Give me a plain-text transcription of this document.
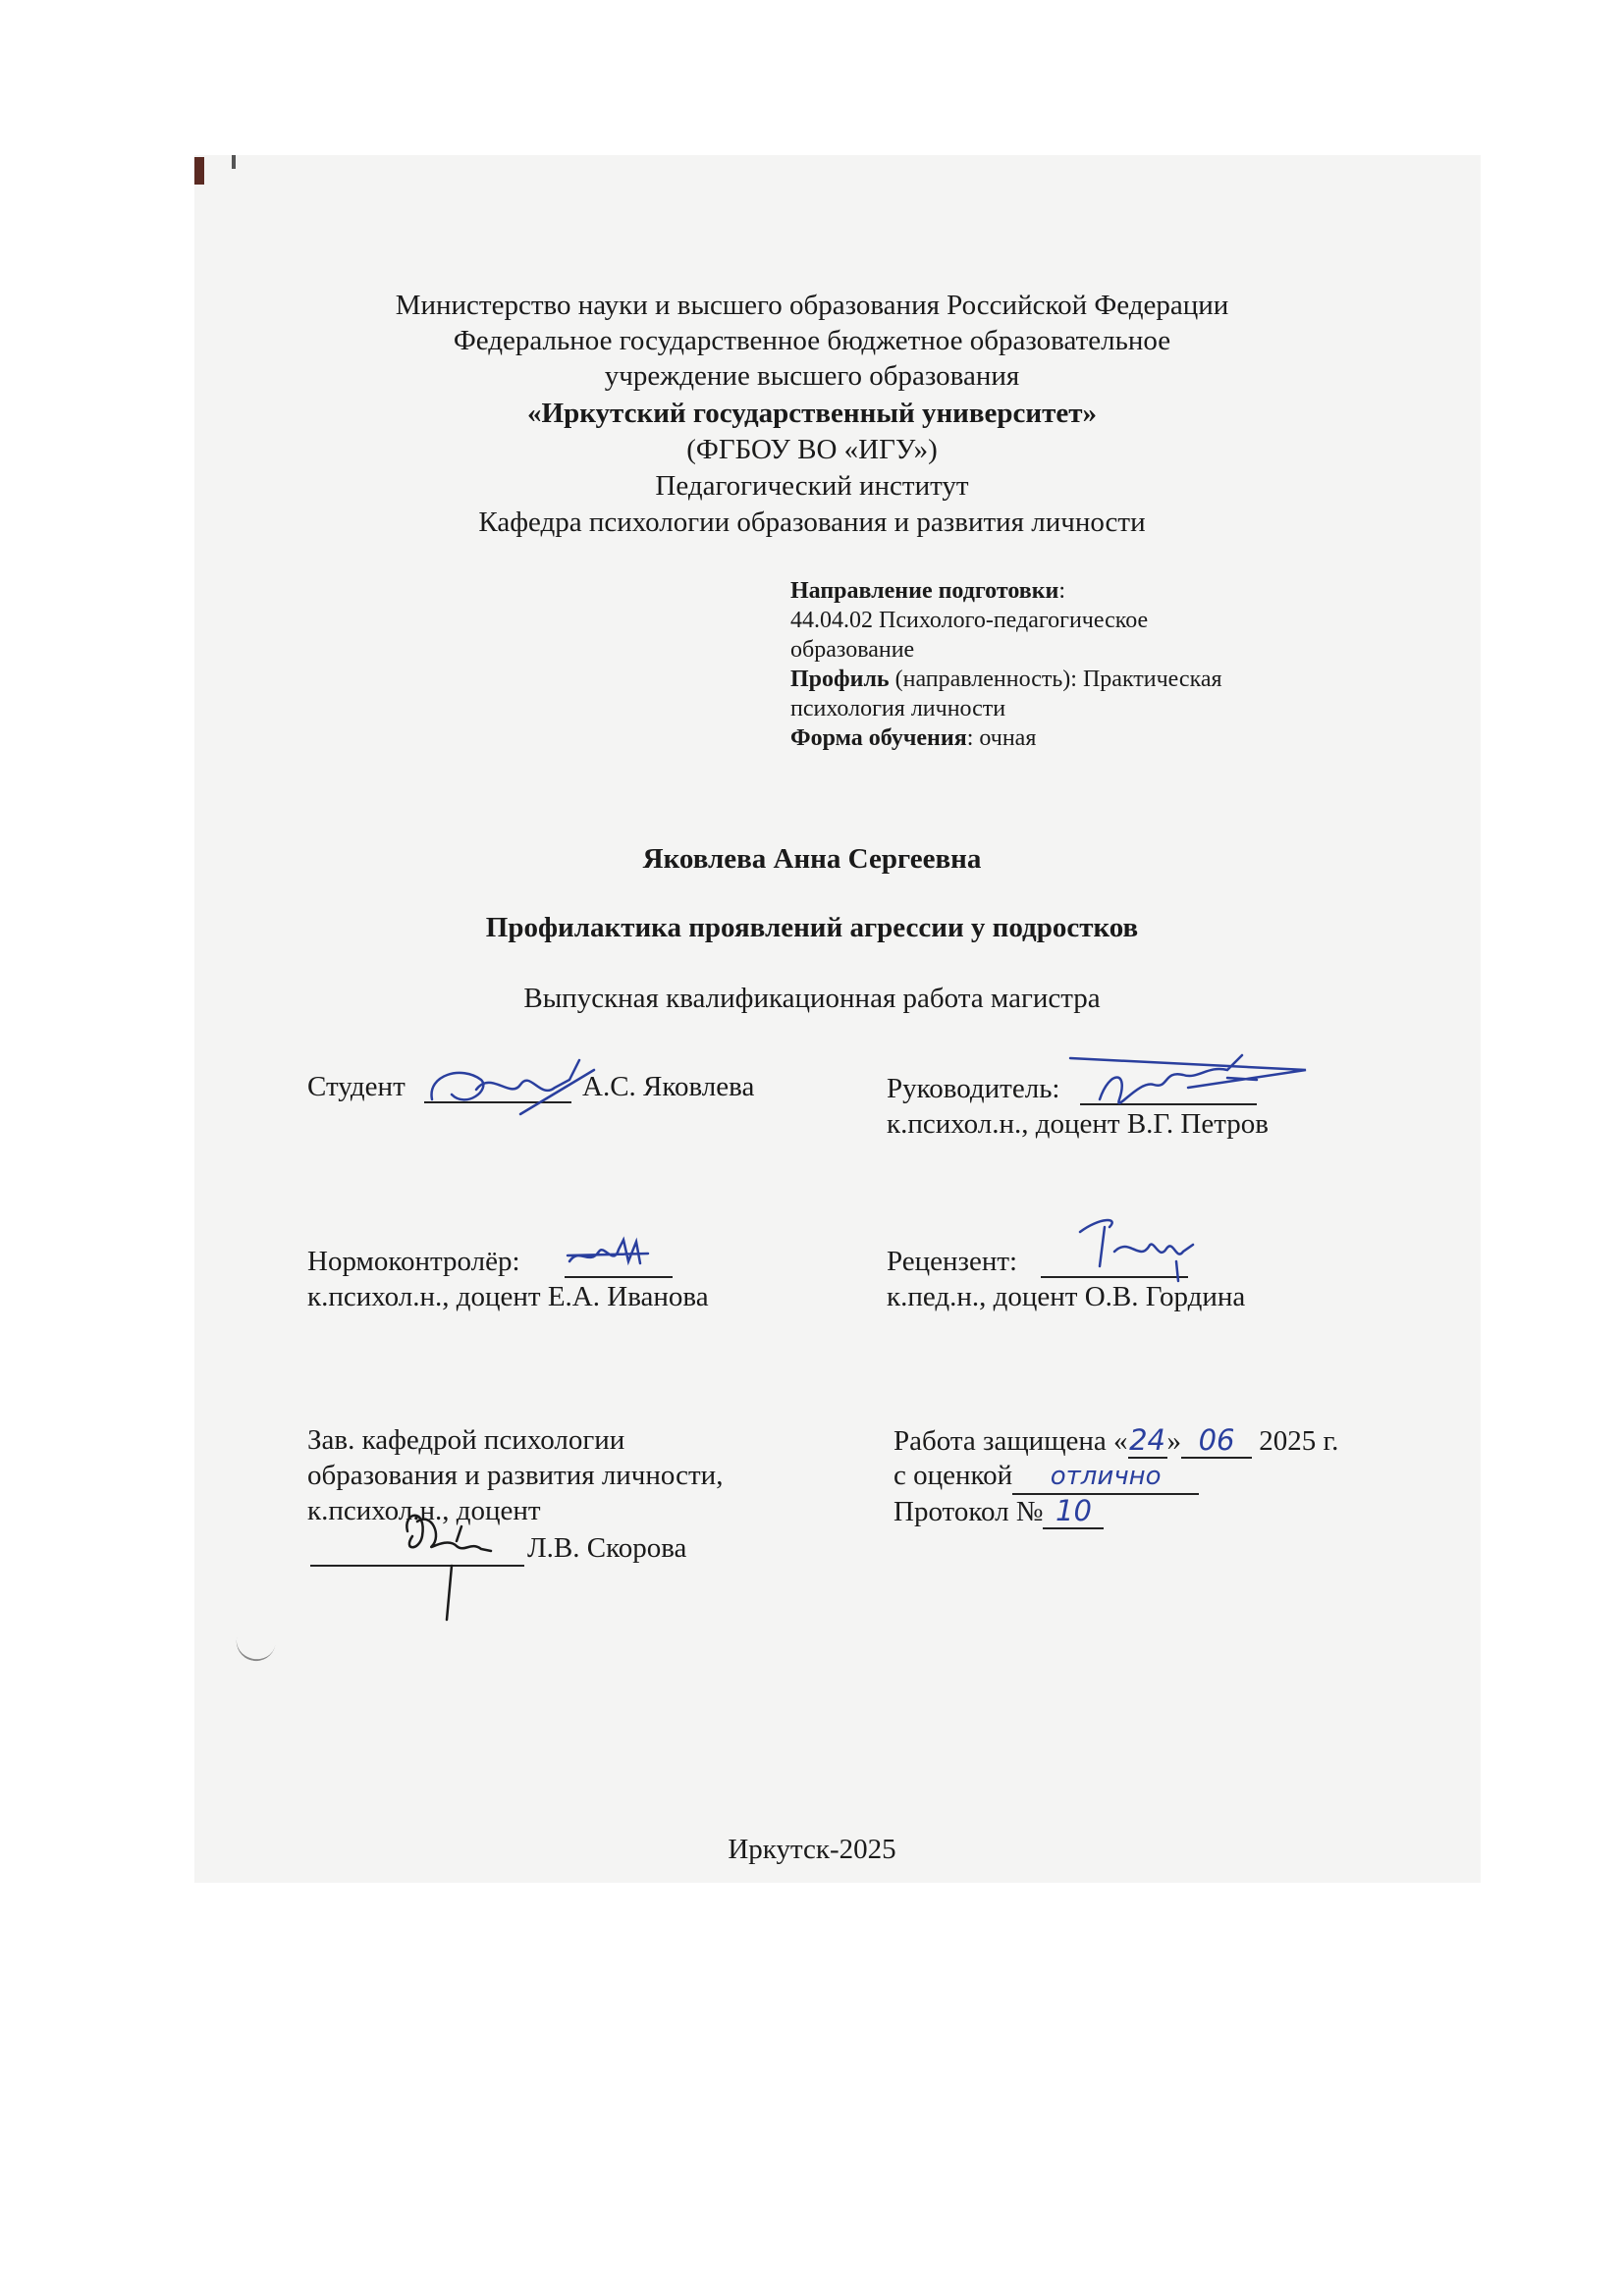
Министерство науки и высшего образования Российской Федерации
Федеральное государственное бюджетное образовательное
учреждение высшего образования
«Иркутский государственный университет»
(ФГБОУ ВО «ИГУ»)
Педагогический институт
Кафедра психологии образования и развития личности
Направление подготовки:
44.04.02 Психолого-педагогическое
образование
Профиль (направленность): Практическая
психология личности
Форма обучения: очная
Яковлева Анна Сергеевна
Профилактика проявлений агрессии у подростков
Выпускная квалификационная работа магистра
Студент	А.С. Яковлева	Руководитель:
к.психол.н., доцент В.Г. Петров
Нормоконтролёр:
к.психол.н., доцент Е.А. Иванова
Рецензент:
к.пед.н., доцент О.В. Гордина
Зав. кафедрой психологии
образования и развития личности,
к.психол.н., доцент
Л.В. Скорова
Работа защищена «24» 06 2025 г.
с оценкой отлично
Протокол № 10
Иркутск-2025
